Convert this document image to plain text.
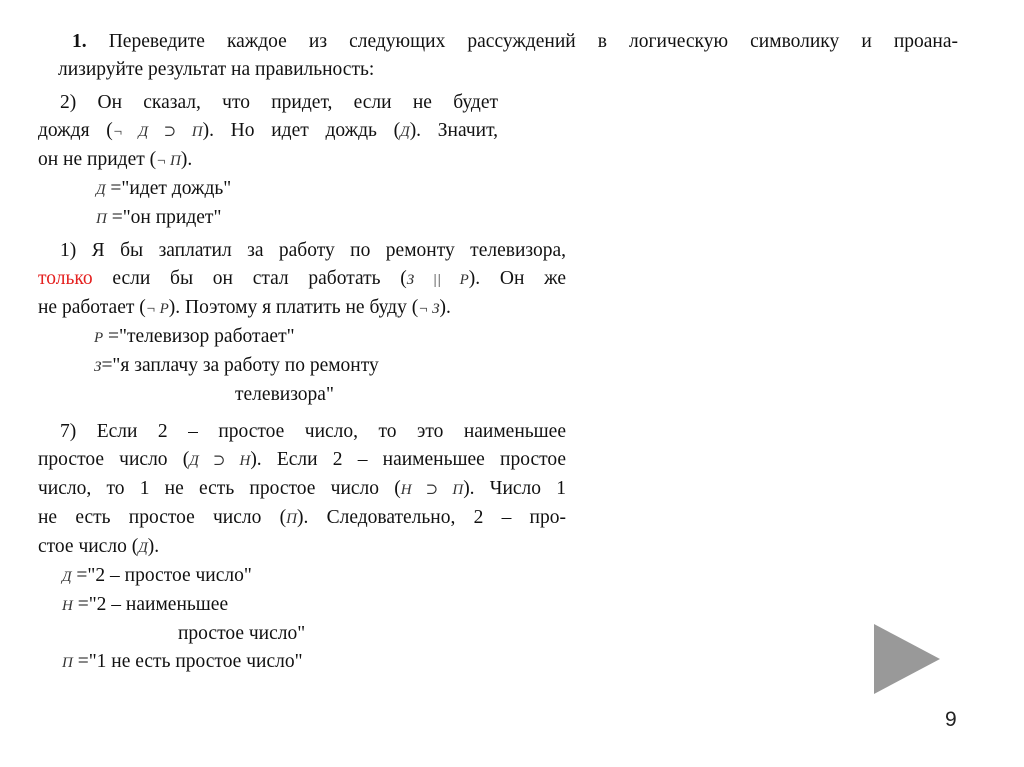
1. Переведите каждое из следующих рассуждений в логическую символику и проана-
лизируйте результат на правильность:
2) Он сказал, что придет, если не будет
дождя (¬ Д ⊃ П). Но идет дождь (Д). Значит,
он не придет (¬ П).
Д ="идет дождь"
П ="он придет"
1) Я бы заплатил за работу по ремонту телевизора,
только если бы он стал работать (З || Р). Он же
не работает (¬ Р). Поэтому я платить не буду (¬ З).
Р ="телевизор работает"
З="я заплачу за работу по ремонту
телевизора"
7) Если 2 – простое число, то это наименьшее
простое число (Д ⊃ Н). Если 2 – наименьшее простое
число, то 1 не есть простое число (Н ⊃ П). Число 1
не есть простое число (П). Следовательно, 2 – про-
стое число (Д).
Д ="2 – простое число"
Н ="2 – наименьшее
простое число"
П ="1 не есть простое число"
9
